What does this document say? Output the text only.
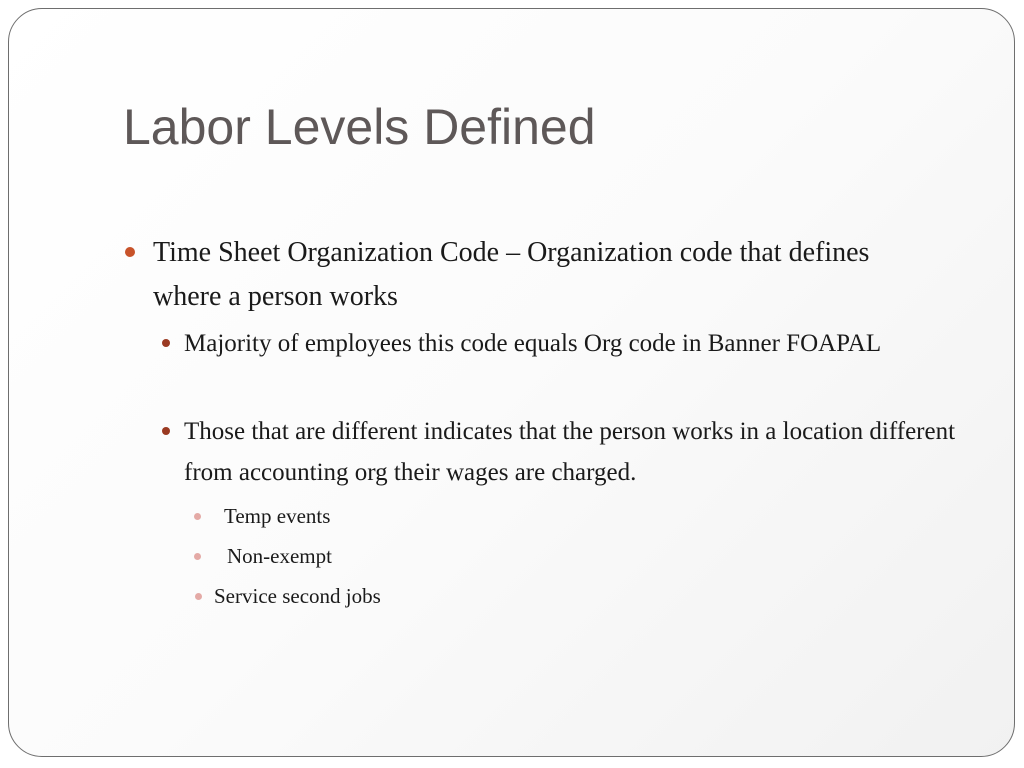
Labor Levels Defined
Time Sheet Organization Code – Organization code that defines where a person works
Majority of employees this code equals Org code in Banner FOAPAL
Those that are different indicates that the person works in a location different from accounting org their wages are charged.
Temp events
Non-exempt
Service second jobs
